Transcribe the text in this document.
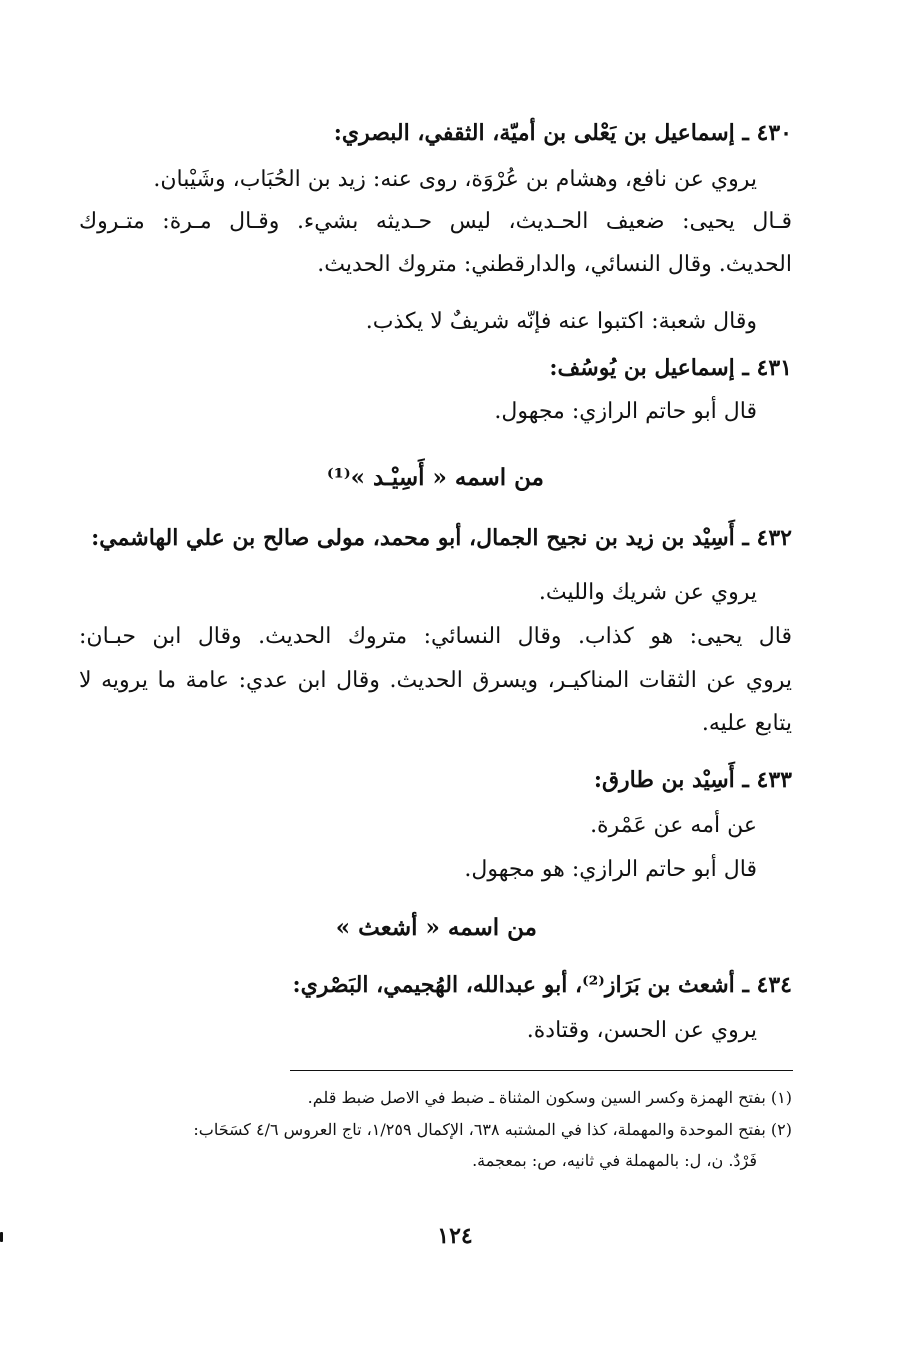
٤٣٠ ـ إسماعيل بن يَعْلى بن أميّة، الثقفي، البصري:
يروي عن نافع، وهشام بن عُرْوَة، روى عنه: زيد بن الحُبَاب، وشَيْبان.
قـال يحيى: ضعيف الحـديث، ليس حـديثه بشيء. وقـال مـرة: متـروك
الحديث. وقال النسائي، والدارقطني: متروك الحديث.
وقال شعبة: اكتبوا عنه فإنّه شريفٌ لا يكذب.
٤٣١ ـ إسماعيل بن يُوسُف:
قال أبو حاتم الرازي: مجهول.
من اسمه « أَسِيْـد »⁽¹⁾
٤٣٢ ـ أَسِيْد بن زيد بن نجيح الجمال، أبو محمد، مولى صالح بن علي الهاشمي:
يروي عن شريك والليث.
قال يحيى: هو كذاب. وقال النسائي: متروك الحديث. وقال ابن حبـان:
يروي عن الثقات المناكيـر، ويسرق الحديث. وقال ابن عدي: عامة ما يرويه لا
يتابع عليه.
٤٣٣ ـ أَسِيْد بن طارق:
عن أمه عن عَمْرة.
قال أبو حاتم الرازي: هو مجهول.
من اسمه « أشعث »
٤٣٤ ـ أشعث بن بَرَاز⁽²⁾، أبو عبدالله، الهُجيمي، البَصْري:
يروي عن الحسن، وقتادة.
(١) بفتح الهمزة وكسر السين وسكون المثناة ـ ضبط في الاصل ضبط قلم.
(٢) بفتح الموحدة والمهملة، كذا في المشتبه ٦٣٨، الإكمال ١/٢٥٩، تاج العروس ٤/٦ كسَحَاب:
فَرْدٌ. ن، ل: بالمهملة في ثانيه، ص: بمعجمة.
١٢٤
